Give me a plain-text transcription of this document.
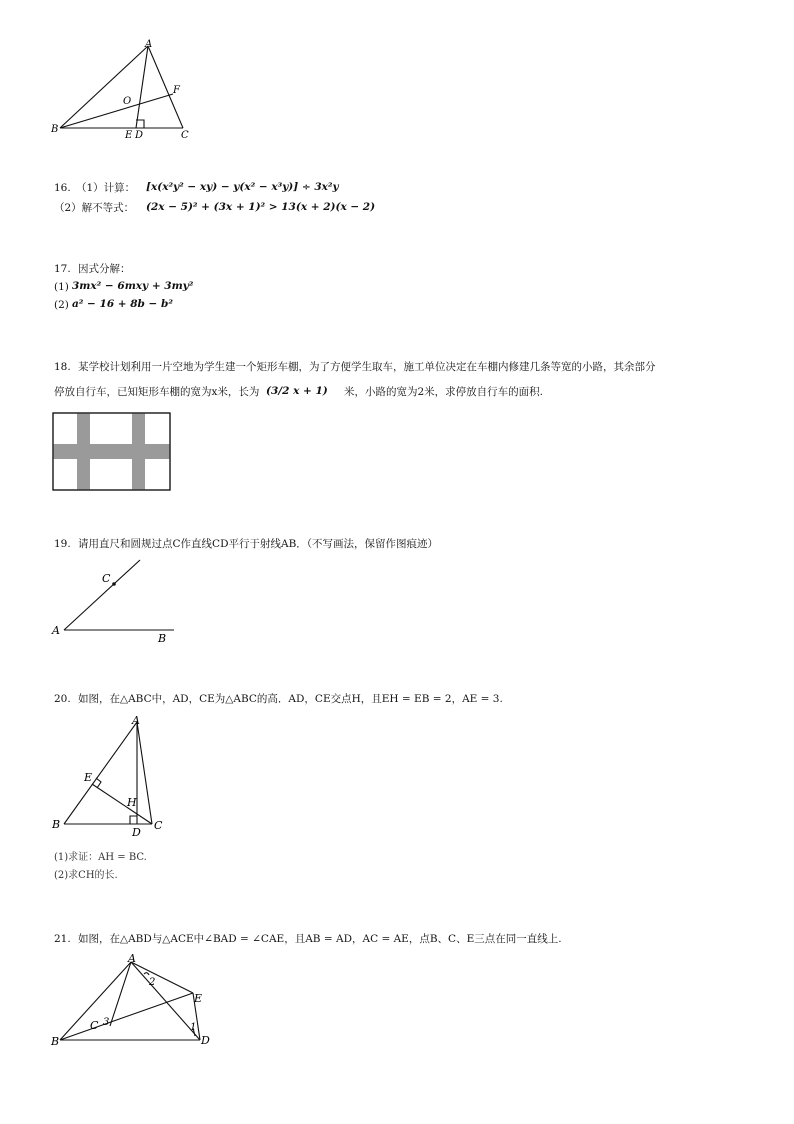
A
B
C
O
F
E D
16. （1）计算： [x(x²y² − xy) − y(x² − x³y)] ÷ 3x²y
（2）解不等式： (2x − 5)² + (3x + 1)² > 13(x + 2)(x − 2)
17. 因式分解：
(1) 3mx² − 6mxy + 3my²
(2) a² − 16 + 8b − b²
18. 某学校计划利用一片空地为学生建一个矩形车棚，为了方便学生取车，施工单位决定在车棚内修建几条等宽的小路，其余部分
停放自行车，已知矩形车棚的宽为x米，长为 (3/2 x + 1) 米，小路的宽为2米，求停放自行车的面积.
19. 请用直尺和圆规过点C作直线CD平行于射线AB．（不写画法，保留作图痕迹）
C
A
B
20. 如图，在△ABC中，AD，CE为△ABC的高．AD，CE交点H，且EH = EB = 2，AE = 3.
A
E
H
B
D
C
(1)求证：AH = BC.
(2)求CH的长.
21. 如图，在△ABD与△ACE中∠BAD = ∠CAE，且AB = AD，AC = AE，点B、C、E三点在同一直线上.
A
E
B
C
D
2
3	1
